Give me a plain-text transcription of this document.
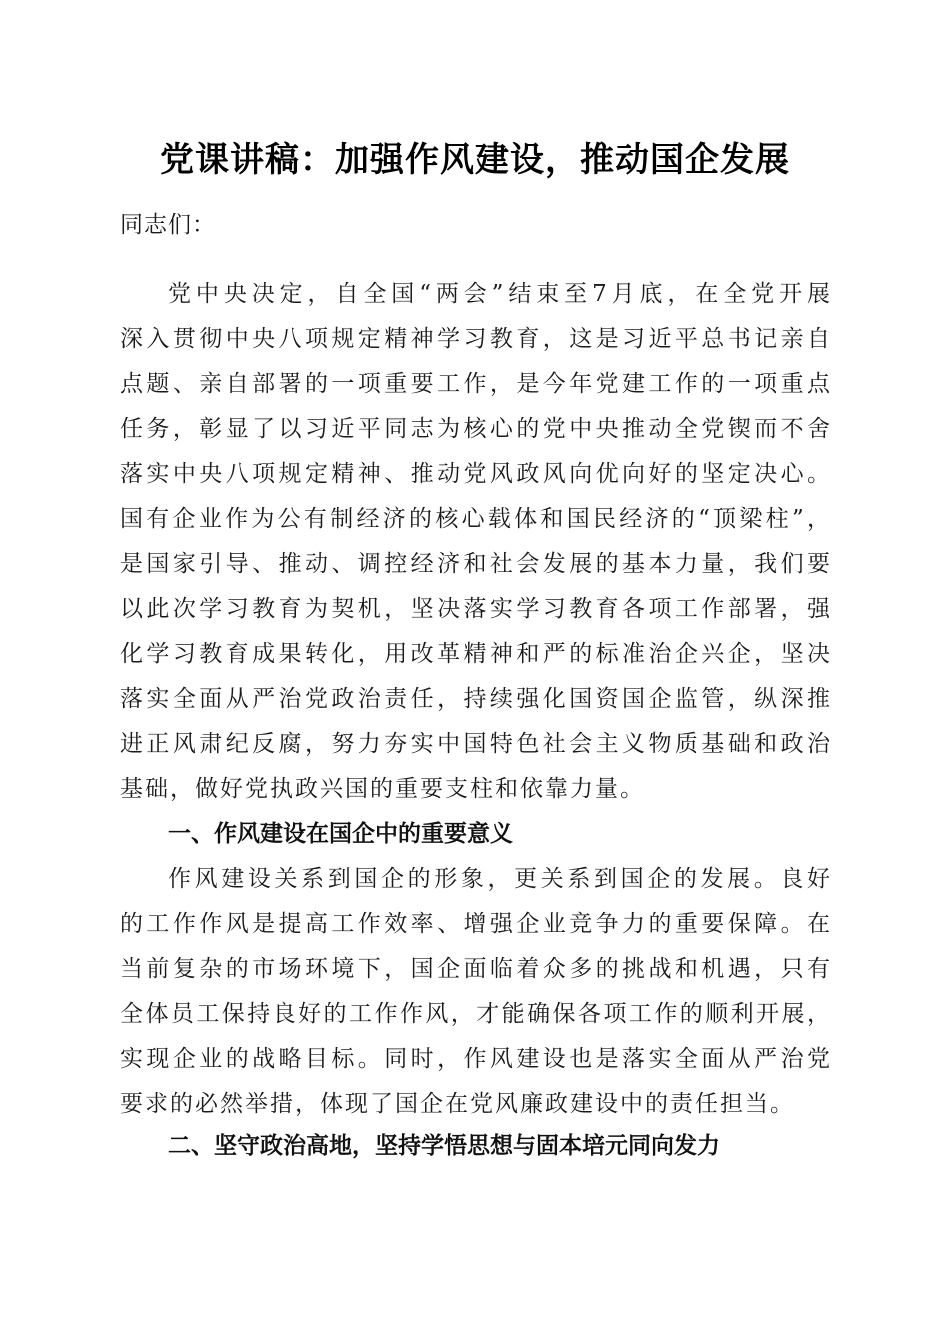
党课讲稿：加强作风建设，推动国企发展
同志们：
党中央决定，自全国“两会”结束至7月底，在全党开展
深入贯彻中央八项规定精神学习教育，这是习近平总书记亲自
点题、亲自部署的一项重要工作，是今年党建工作的一项重点
任务，彰显了以习近平同志为核心的党中央推动全党锲而不舍
落实中央八项规定精神、推动党风政风向优向好的坚定决心。
国有企业作为公有制经济的核心载体和国民经济的“顶梁柱”，
是国家引导、推动、调控经济和社会发展的基本力量，我们要
以此次学习教育为契机，坚决落实学习教育各项工作部署，强
化学习教育成果转化，用改革精神和严的标准治企兴企，坚决
落实全面从严治党政治责任，持续强化国资国企监管，纵深推
进正风肃纪反腐，努力夯实中国特色社会主义物质基础和政治
基础，做好党执政兴国的重要支柱和依靠力量。
一、作风建设在国企中的重要意义
作风建设关系到国企的形象，更关系到国企的发展。良好
的工作作风是提高工作效率、增强企业竞争力的重要保障。在
当前复杂的市场环境下，国企面临着众多的挑战和机遇，只有
全体员工保持良好的工作作风，才能确保各项工作的顺利开展，
实现企业的战略目标。同时，作风建设也是落实全面从严治党
要求的必然举措，体现了国企在党风廉政建设中的责任担当。
二、坚守政治高地，坚持学悟思想与固本培元同向发力
